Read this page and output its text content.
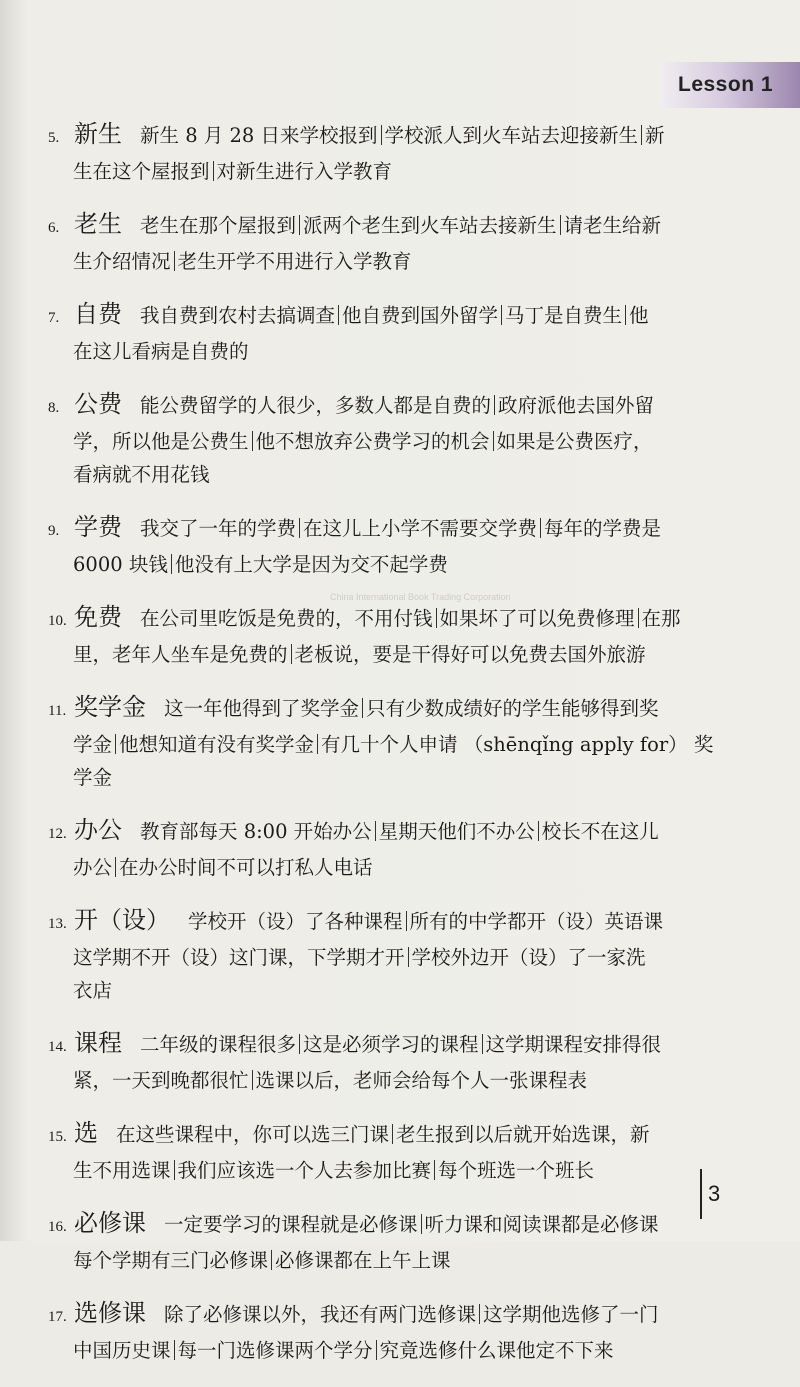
Lesson 1
5. 新生 新生 8 月 28 日来学校报到 学校派人到火车站去迎接新生 新
生在这个屋报到 对新生进行入学教育
6. 老生 老生在那个屋报到 派两个老生到火车站去接新生 请老生给新
生介绍情况 老生开学不用进行入学教育
7. 自费 我自费到农村去搞调查 他自费到国外留学 马丁是自费生 他
在这儿看病是自费的
8. 公费 能公费留学的人很少，多数人都是自费的 政府派他去国外留
学，所以他是公费生 他不想放弃公费学习的机会 如果是公费医疗，
看病就不用花钱
9. 学费 我交了一年的学费 在这儿上小学不需要交学费 每年的学费是
6000 块钱 他没有上大学是因为交不起学费
10. 免费 在公司里吃饭是免费的，不用付钱 如果坏了可以免费修理 在那
里，老年人坐车是免费的 老板说，要是干得好可以免费去国外旅游
11. 奖学金 这一年他得到了奖学金 只有少数成绩好的学生能够得到奖
学金 他想知道有没有奖学金 有几十个人申请 （shēnqǐng apply for） 奖
学金
12. 办公 教育部每天 8:00 开始办公 星期天他们不办公 校长不在这儿
办公 在办公时间不可以打私人电话
13. 开（设） 学校开（设）了各种课程 所有的中学都开（设）英语课
这学期不开（设）这门课，下学期才开 学校外边开（设）了一家洗
衣店
14. 课程 二年级的课程很多 这是必须学习的课程 这学期课程安排得很
紧，一天到晚都很忙 选课以后，老师会给每个人一张课程表
15. 选 在这些课程中，你可以选三门课 老生报到以后就开始选课，新
生不用选课 我们应该选一个人去参加比赛 每个班选一个班长
16. 必修课 一定要学习的课程就是必修课 听力课和阅读课都是必修课
每个学期有三门必修课 必修课都在上午上课
17. 选修课 除了必修课以外，我还有两门选修课 这学期他选修了一门
中国历史课 每一门选修课两个学分 究竟选修什么课他定不下来
China International Book Trading Corporation
3
